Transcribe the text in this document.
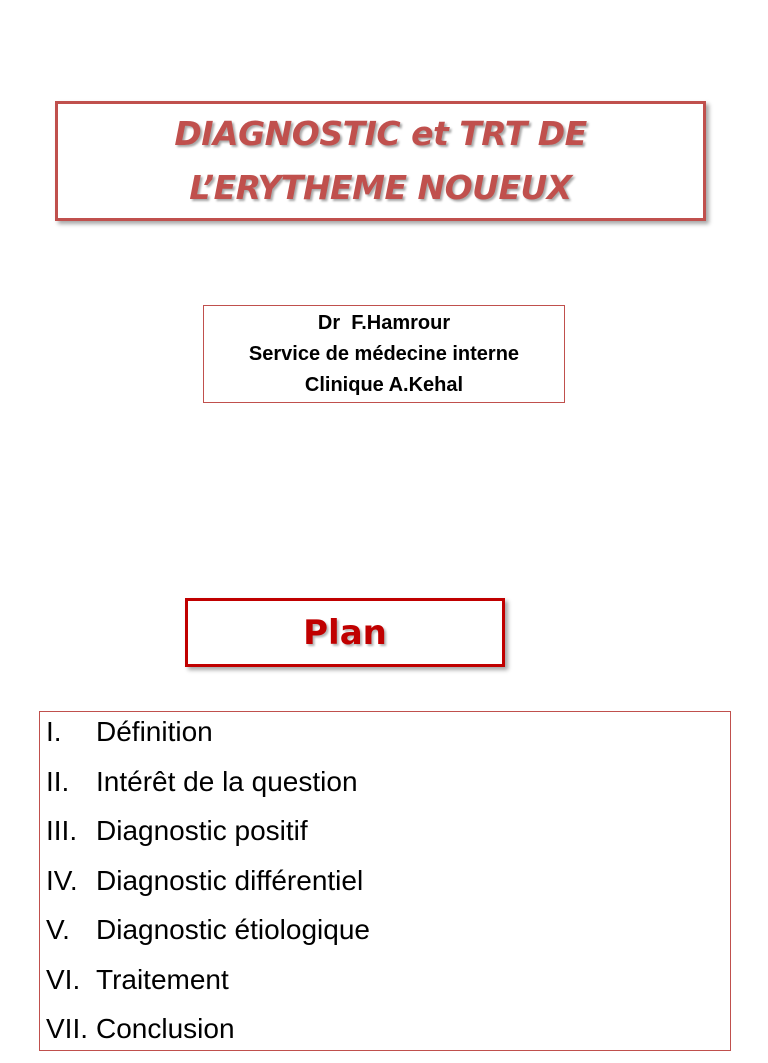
DIAGNOSTIC et TRT DE
L’ERYTHEME NOUEUX
Dr  F.Hamrour
Service de médecine interne
Clinique A.Kehal
Plan
I.	Définition
II. Intérêt de la question
III. Diagnostic positif
IV. Diagnostic différentiel
V. Diagnostic étiologique
VI. Traitement
VII. Conclusion
